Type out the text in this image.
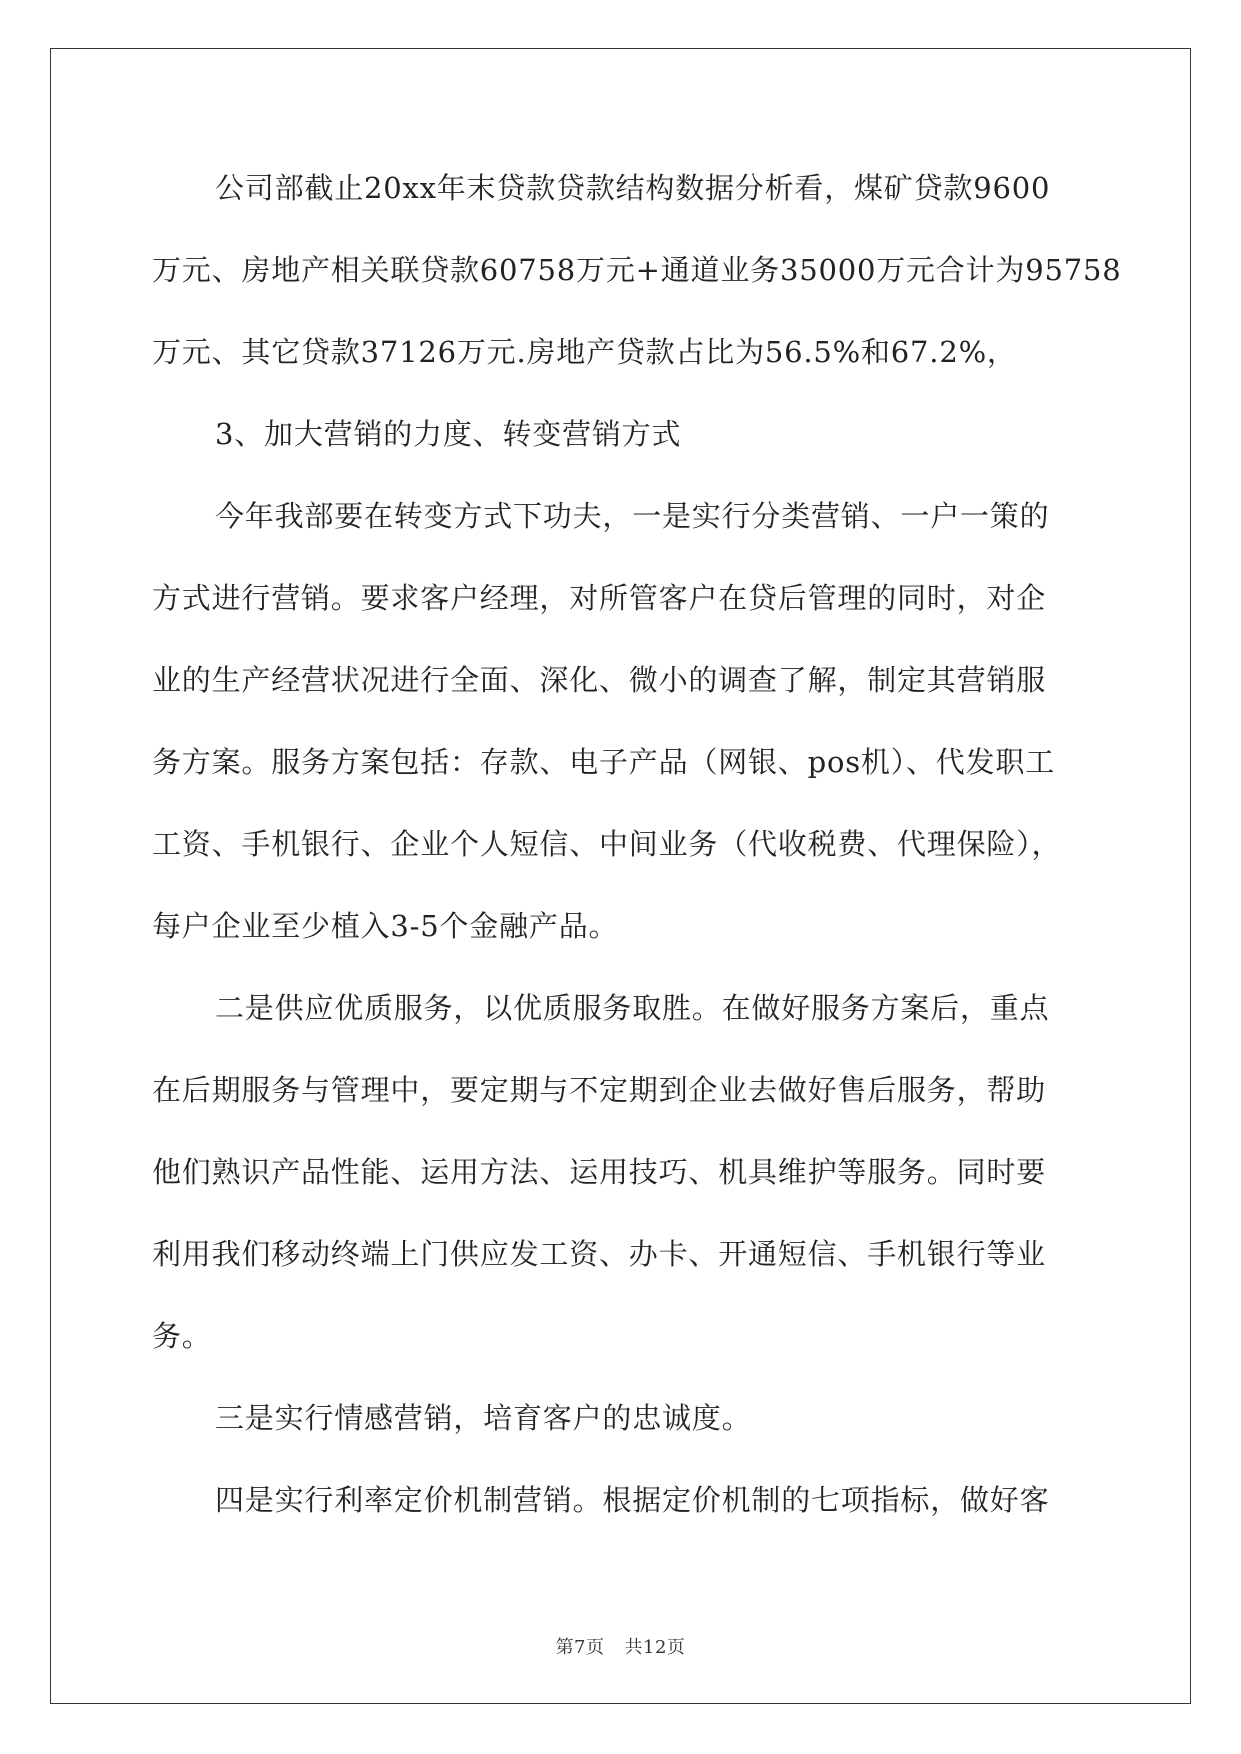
公司部截止20xx年末贷款贷款结构数据分析看，煤矿贷款9600
万元、房地产相关联贷款60758万元+通道业务35000万元合计为95758
万元、其它贷款37126万元.房地产贷款占比为56.5%和67.2%，
3、加大营销的力度、转变营销方式
今年我部要在转变方式下功夫，一是实行分类营销、一户一策的
方式进行营销。要求客户经理，对所管客户在贷后管理的同时，对企
业的生产经营状况进行全面、深化、微小的调查了解，制定其营销服
务方案。服务方案包括：存款、电子产品（网银、pos机）、代发职工
工资、手机银行、企业个人短信、中间业务（代收税费、代理保险），
每户企业至少植入3-5个金融产品。
二是供应优质服务，以优质服务取胜。在做好服务方案后，重点
在后期服务与管理中，要定期与不定期到企业去做好售后服务，帮助
他们熟识产品性能、运用方法、运用技巧、机具维护等服务。同时要
利用我们移动终端上门供应发工资、办卡、开通短信、手机银行等业
务。
三是实行情感营销，培育客户的忠诚度。
四是实行利率定价机制营销。根据定价机制的七项指标，做好客
第7页 共12页
